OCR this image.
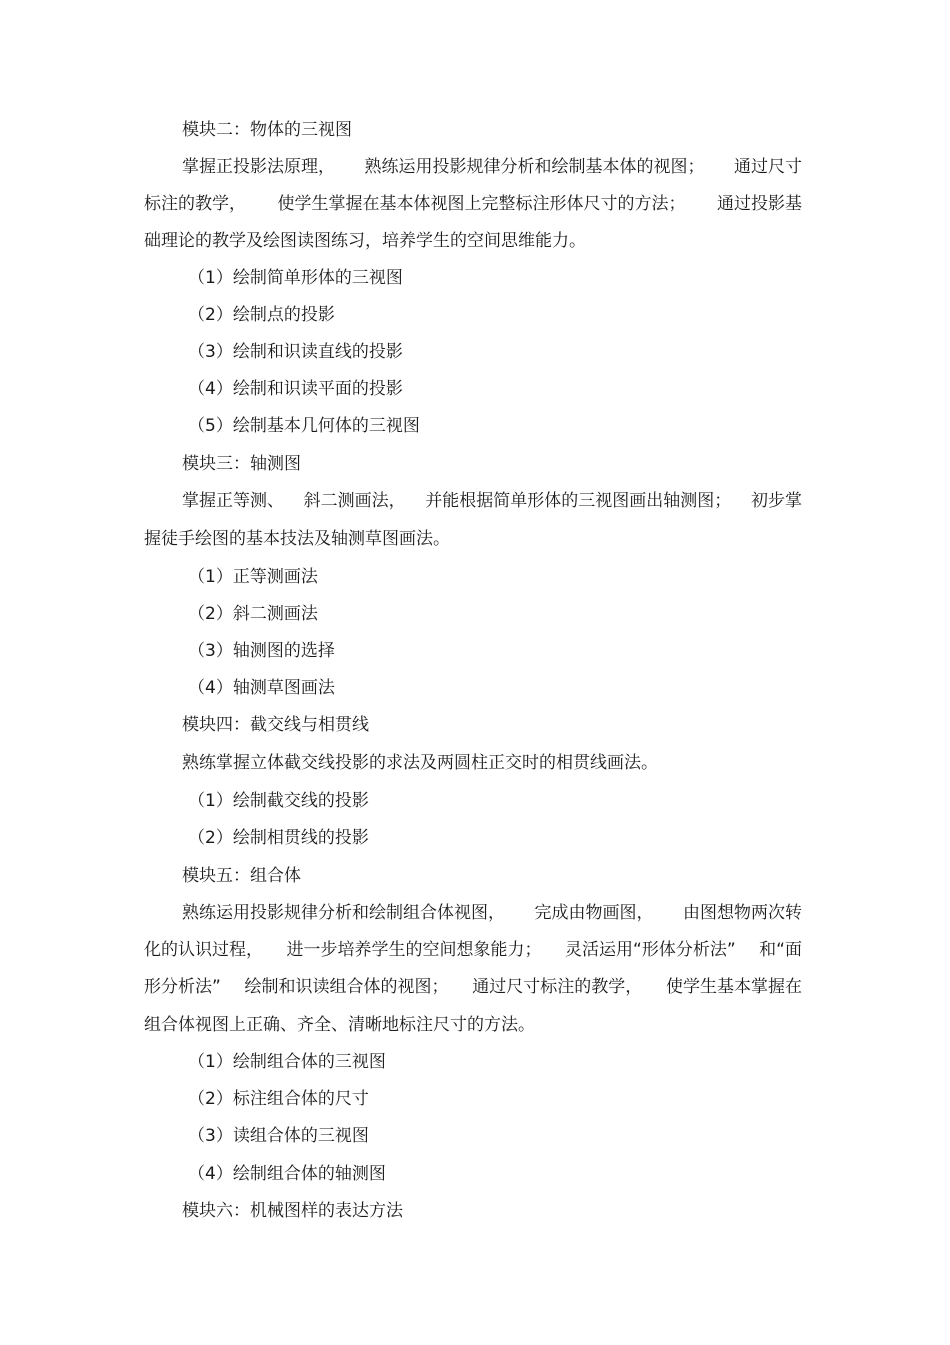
模块二：物体的三视图

掌握正投影法原理， 熟练运用投影规律分析和绘制基本体的视图； 通过尺寸
标注的教学， 使学生掌握在基本体视图上完整标注形体尺寸的方法； 通过投影基

础理论的教学及绘图读图练习，培养学生的空间思维能力。

（1）绘制简单形体的三视图

（2）绘制点的投影

（3）绘制和识读直线的投影

（4）绘制和识读平面的投影

（5）绘制基本几何体的三视图

模块三：轴测图

掌握正等测、 斜二测画法， 并能根据简单形体的三视图画出轴测图； 初步掌

握徒手绘图的基本技法及轴测草图画法。

（1）正等测画法

（2）斜二测画法

（3）轴测图的选择

（4）轴测草图画法

模块四：截交线与相贯线

熟练掌握立体截交线投影的求法及两圆柱正交时的相贯线画法。

（1）绘制截交线的投影

（2）绘制相贯线的投影

模块五：组合体

熟练运用投影规律分析和绘制组合体视图， 完成由物画图， 由图想物两次转
化的认识过程， 进一步培养学生的空间想象能力； 灵活运用“形体分析法” 和“面
形分析法” 绘制和识读组合体的视图； 通过尺寸标注的教学， 使学生基本掌握在

组合体视图上正确、齐全、清晰地标注尺寸的方法。

（1）绘制组合体的三视图

（2）标注组合体的尺寸

（3）读组合体的三视图

（4）绘制组合体的轴测图

模块六：机械图样的表达方法
